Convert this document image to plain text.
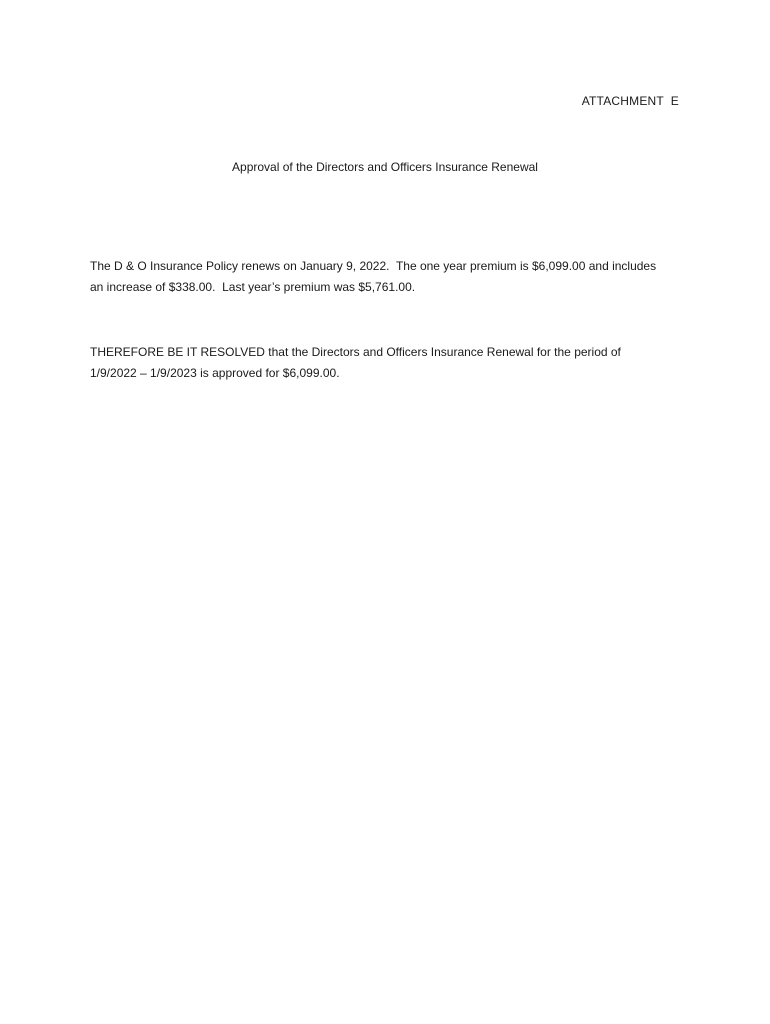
ATTACHMENT  E
Approval of the Directors and Officers Insurance Renewal
The D & O Insurance Policy renews on January 9, 2022.  The one year premium is $6,099.00 and includes
an increase of $338.00.  Last year’s premium was $5,761.00.
THEREFORE BE IT RESOLVED that the Directors and Officers Insurance Renewal for the period of
1/9/2022 – 1/9/2023 is approved for $6,099.00.
